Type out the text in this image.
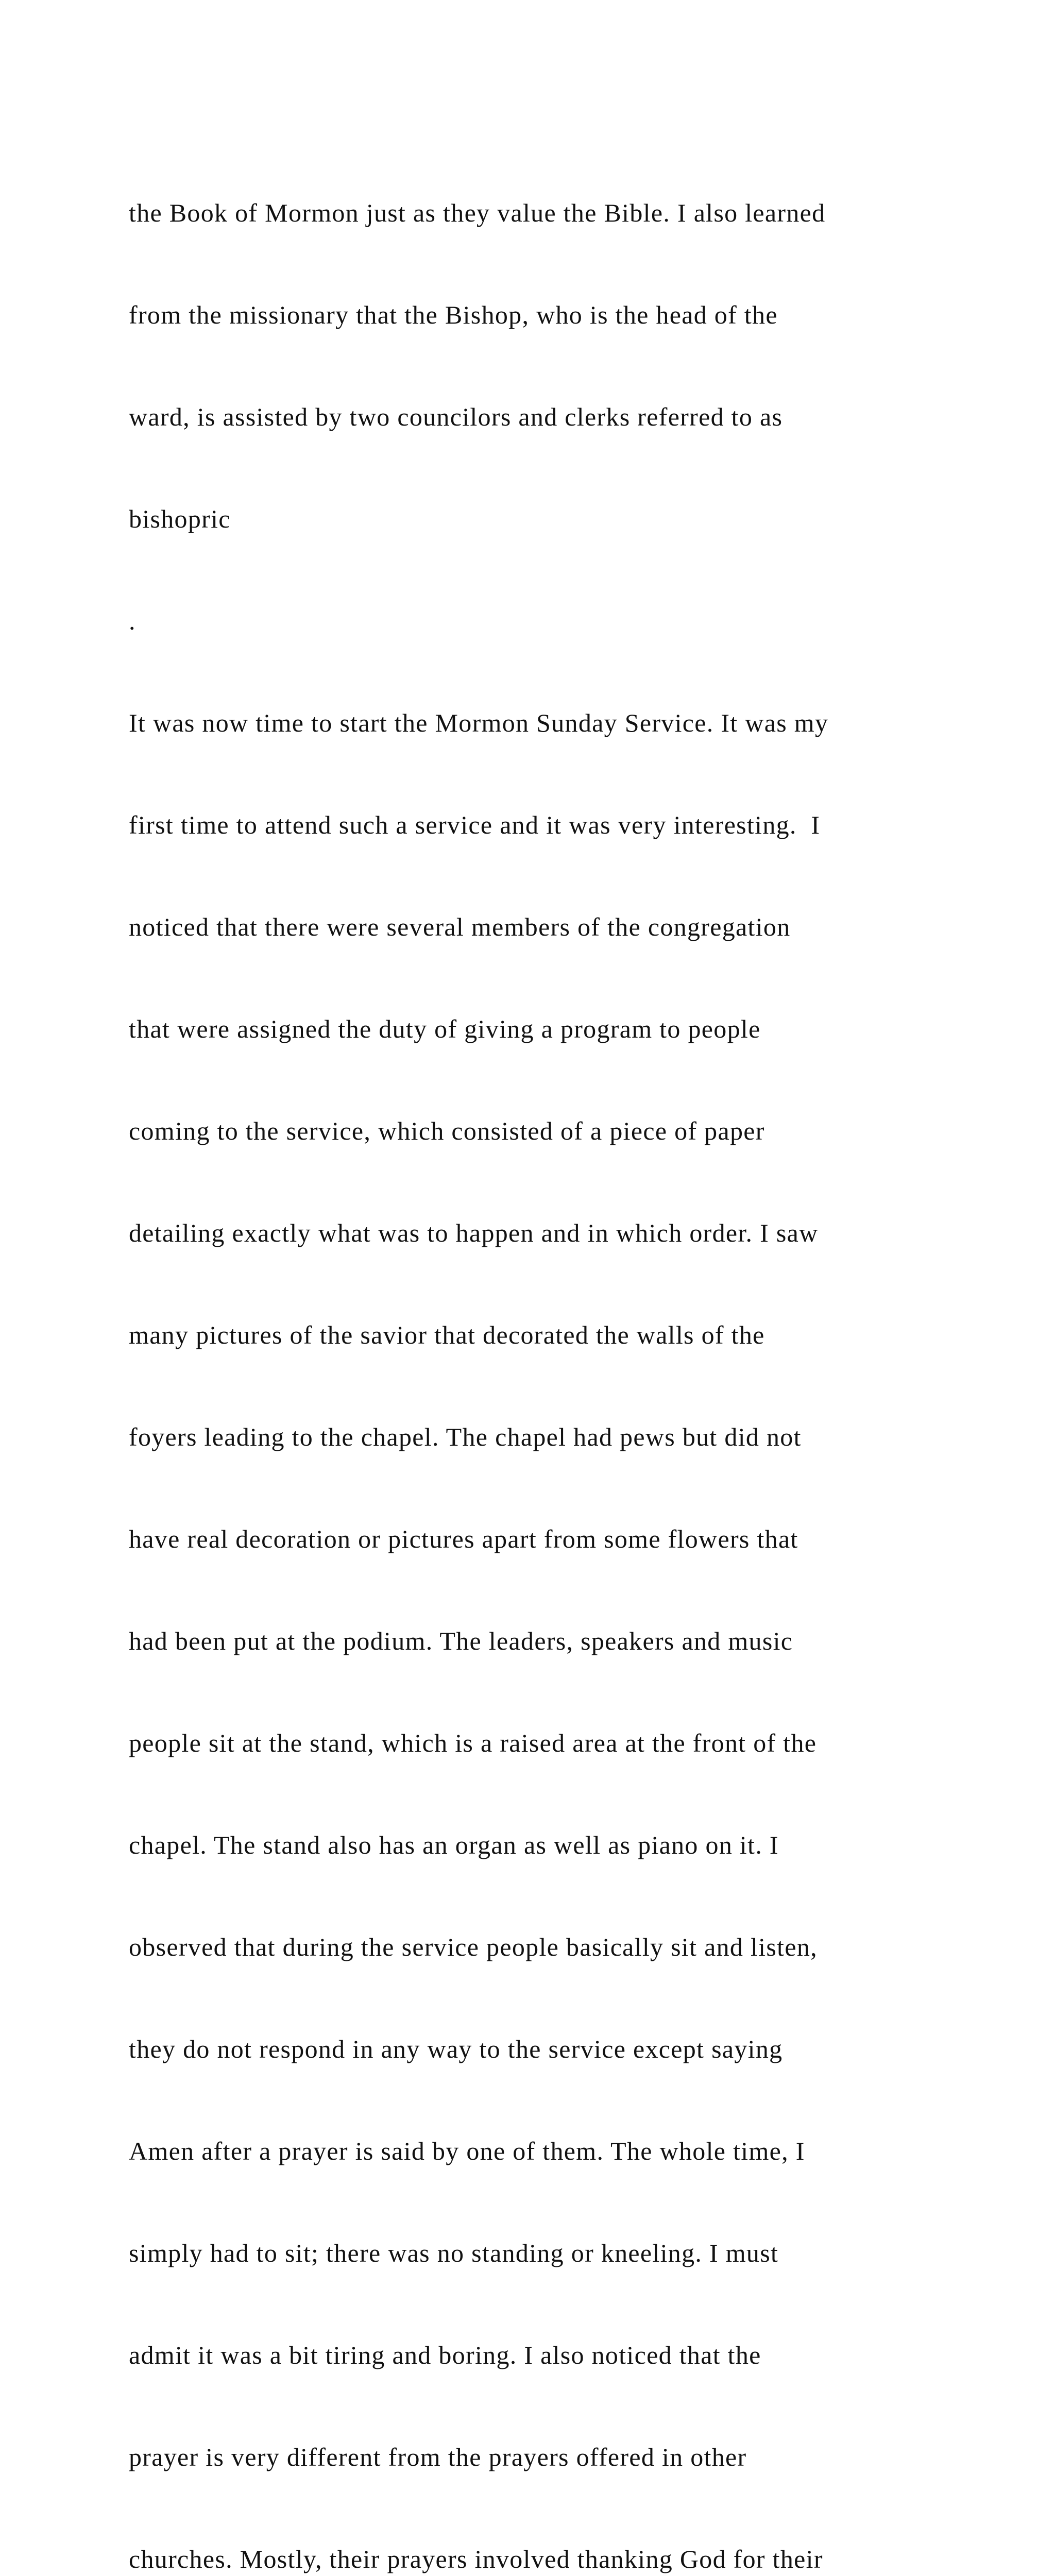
the Book of Mormon just as they value the Bible. I also learned

from the missionary that the Bishop, who is the head of the

ward, is assisted by two councilors and clerks referred to as

bishopric

.

It was now time to start the Mormon Sunday Service. It was my

first time to attend such a service and it was very interesting.  I

noticed that there were several members of the congregation

that were assigned the duty of giving a program to people

coming to the service, which consisted of a piece of paper

detailing exactly what was to happen and in which order. I saw

many pictures of the savior that decorated the walls of the

foyers leading to the chapel. The chapel had pews but did not

have real decoration or pictures apart from some flowers that

had been put at the podium. The leaders, speakers and music

people sit at the stand, which is a raised area at the front of the

chapel. The stand also has an organ as well as piano on it. I

observed that during the service people basically sit and listen,

they do not respond in any way to the service except saying

Amen after a prayer is said by one of them. The whole time, I

simply had to sit; there was no standing or kneeling. I must

admit it was a bit tiring and boring. I also noticed that the

prayer is very different from the prayers offered in other

churches. Mostly, their prayers involved thanking God for their
